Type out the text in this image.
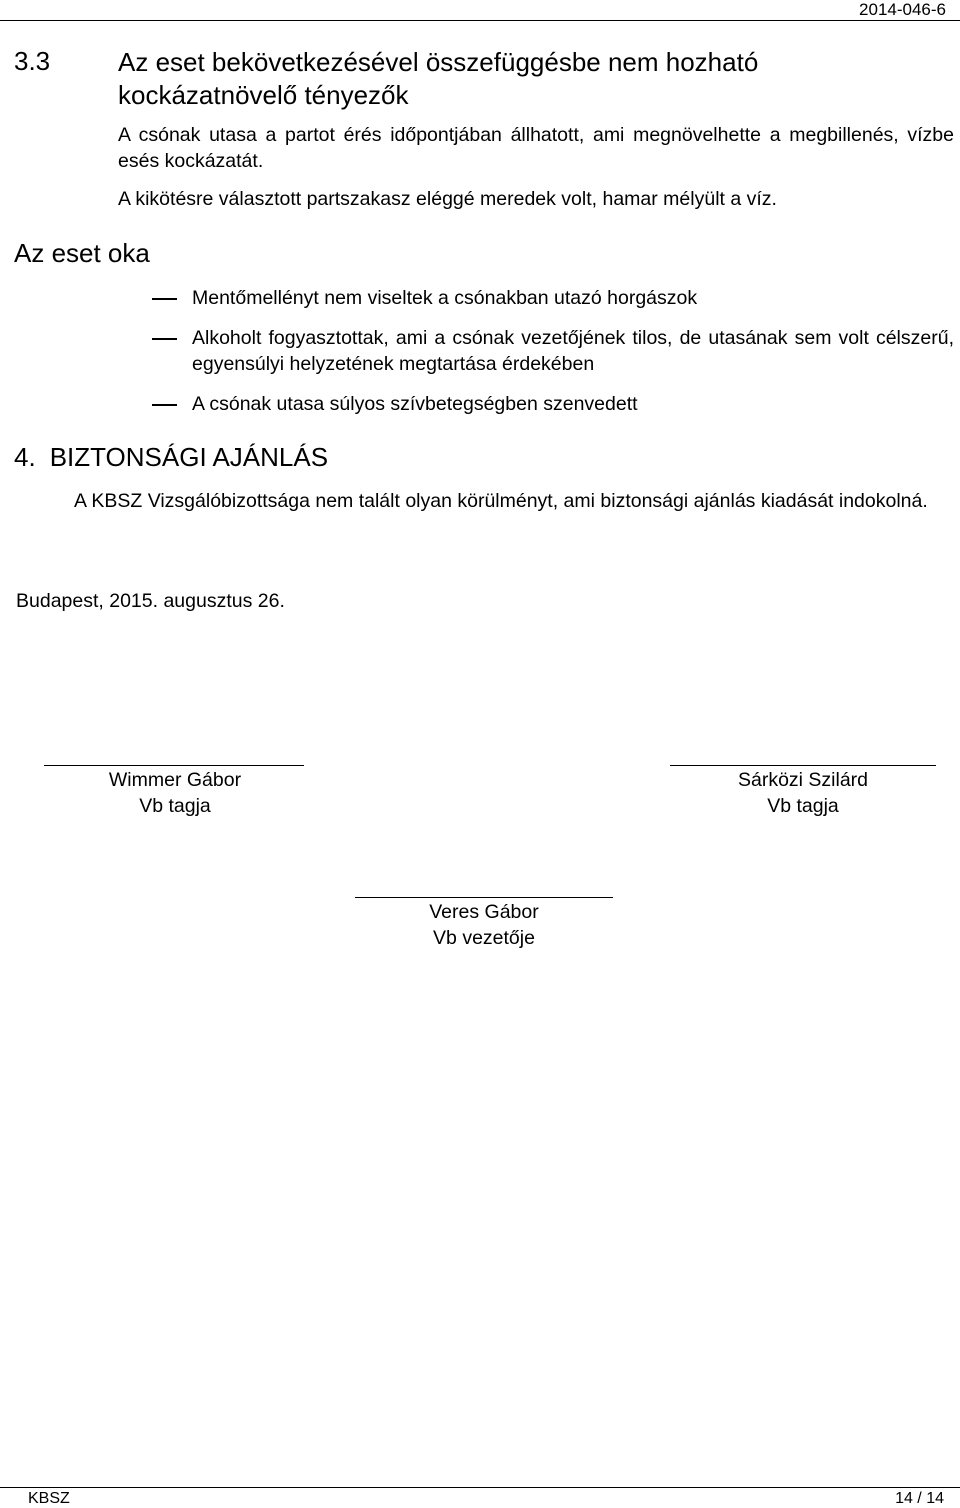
2014-046-6
3.3	Az eset bekövetkezésével összefüggésbe nem hozható kockázatnövelő tényezők
A csónak utasa a partot érés időpontjában állhatott, ami megnövelhette a megbillenés, vízbe esés kockázatát.
A kikötésre választott partszakasz eléggé meredek volt, hamar mélyült a víz.
Az eset oka
Mentőmellényt nem viseltek a csónakban utazó horgászok
Alkoholt fogyasztottak, ami a csónak vezetőjének tilos, de utasának sem volt célszerű, egyensúlyi helyzetének megtartása érdekében
A csónak utasa súlyos szívbetegségben szenvedett
4. BIZTONSÁGI AJÁNLÁS
A KBSZ Vizsgálóbizottsága nem talált olyan körülményt, ami biztonsági ajánlás kiadását indokolná.
Budapest, 2015. augusztus 26.
Wimmer Gábor
Vb tagja
Sárközi Szilárd
Vb tagja
Veres Gábor
Vb vezetője
KBSZ	14 / 14
